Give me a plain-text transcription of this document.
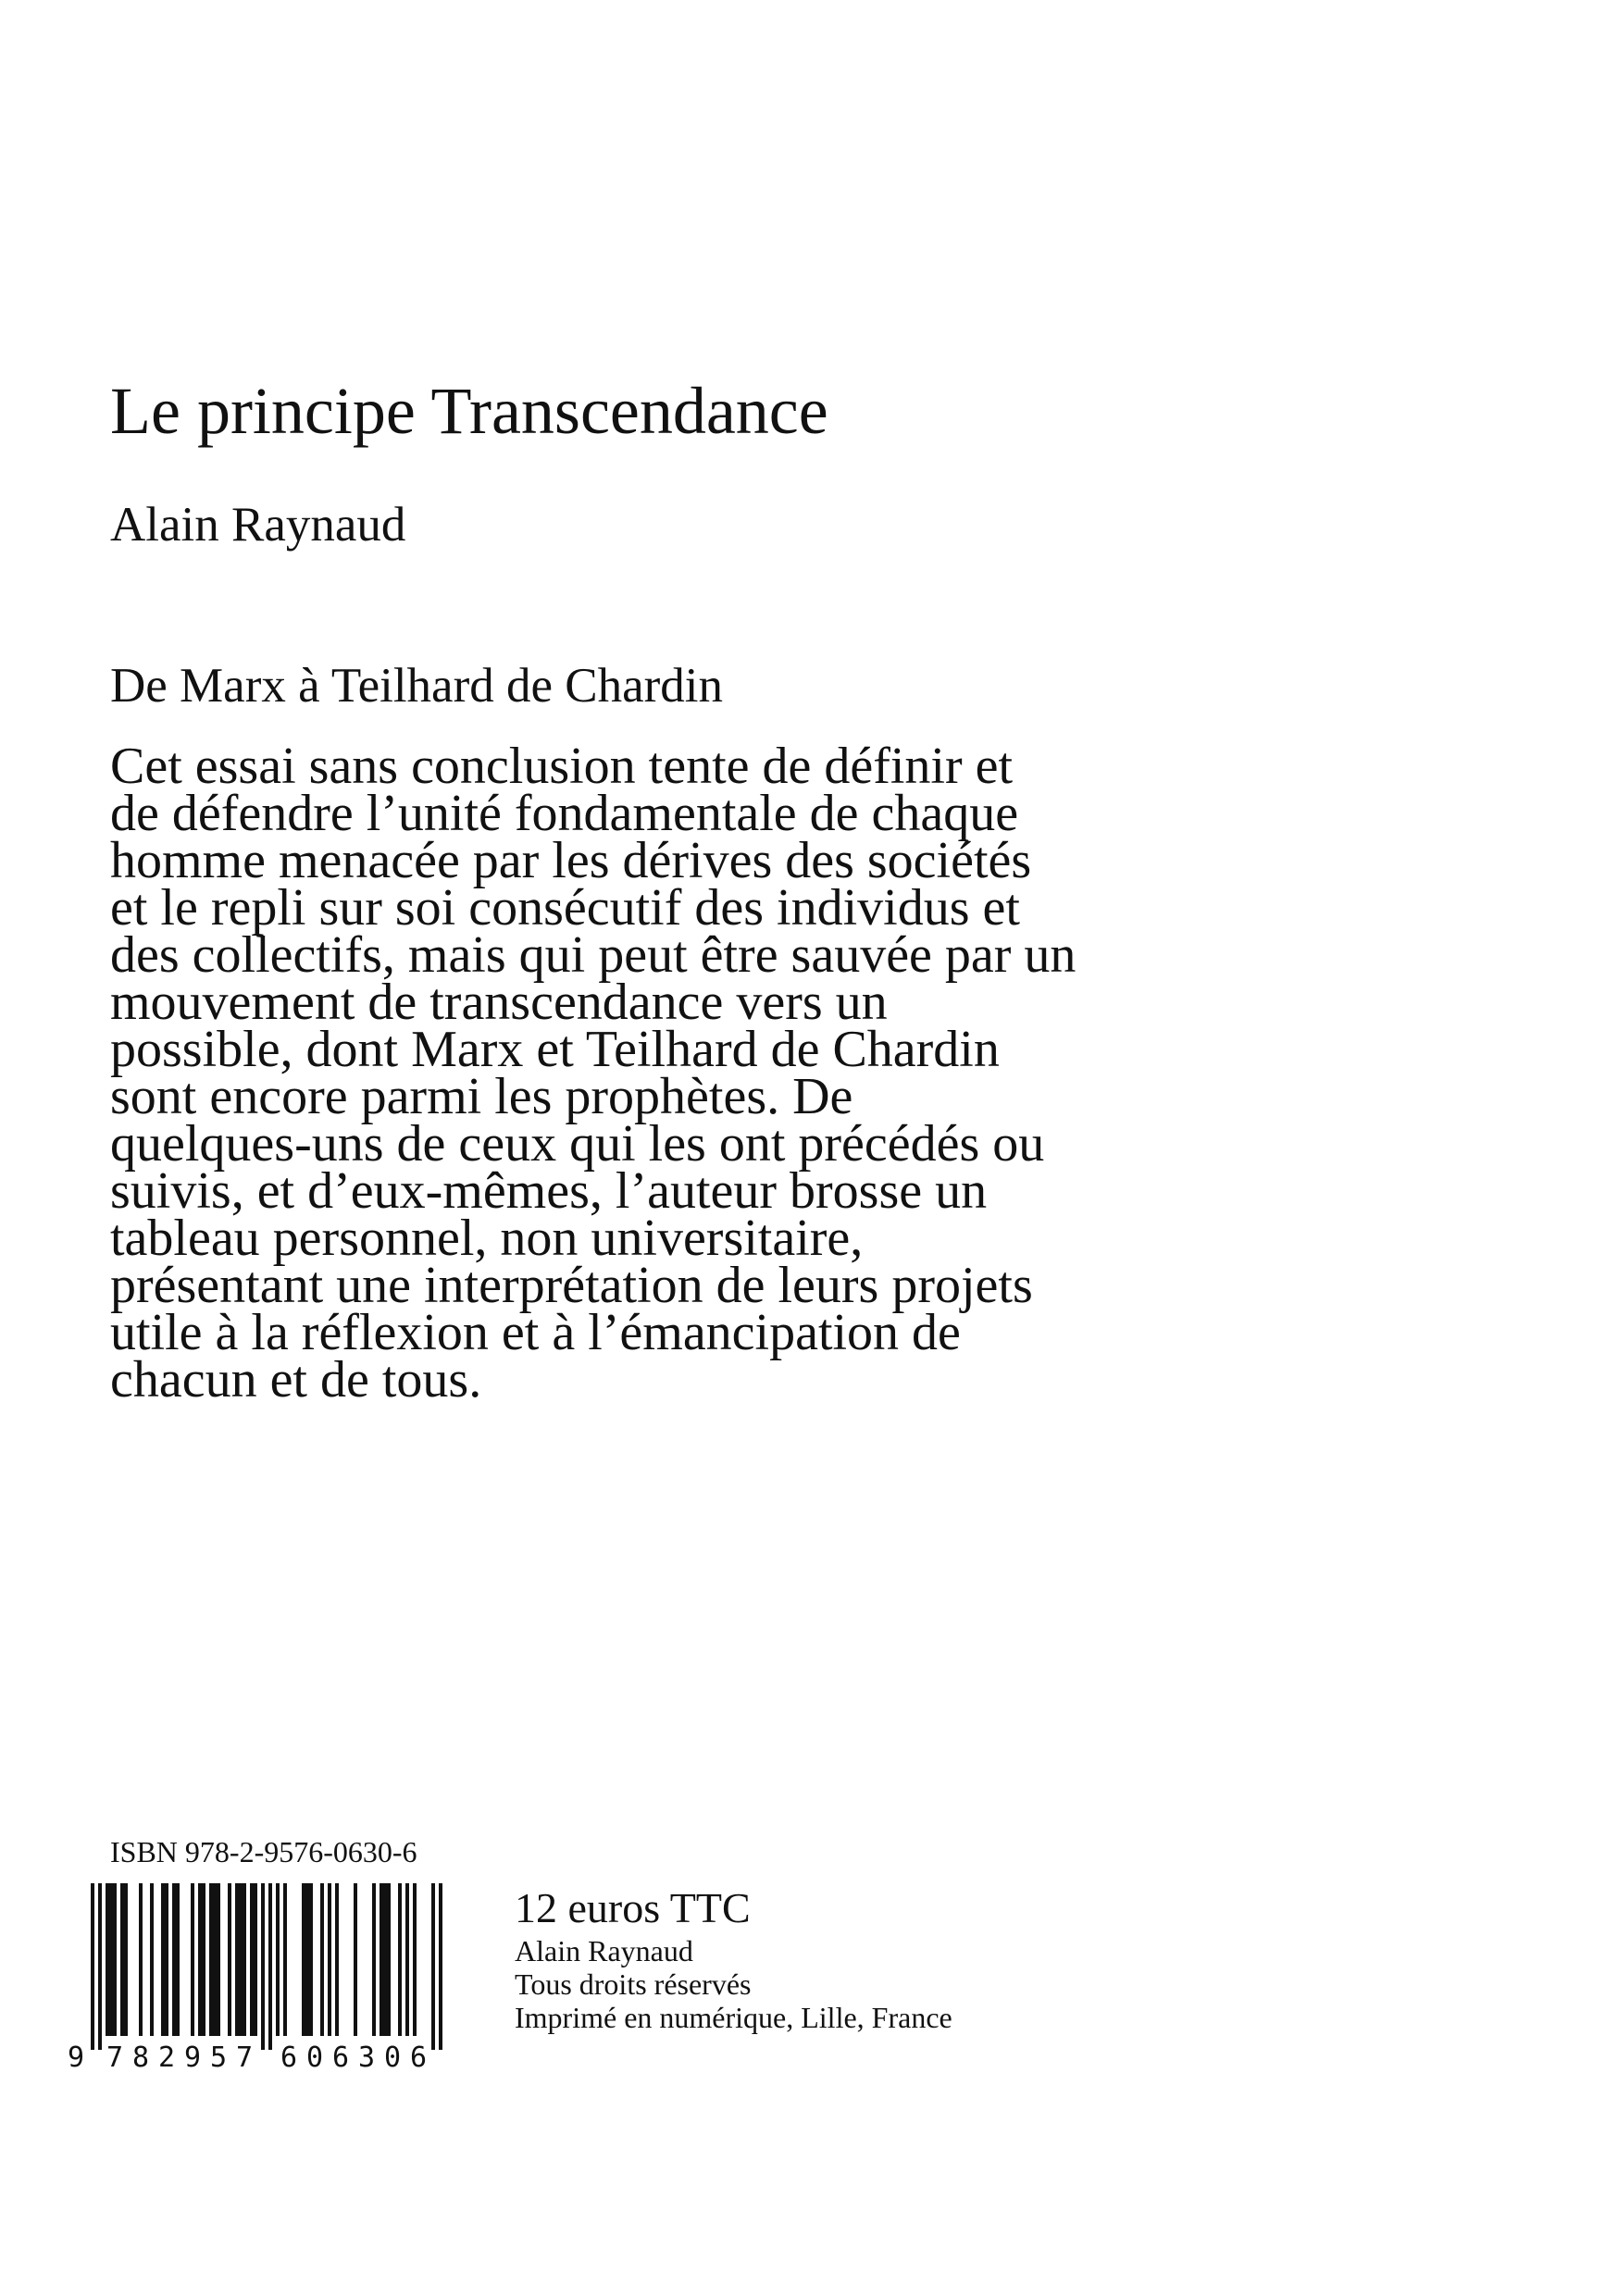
Le principe Transcendance
Alain Raynaud
De Marx à Teilhard de Chardin
Cet essai sans conclusion tente de définir et
de défendre l’unité fondamentale de chaque
homme menacée par les dérives des sociétés
et le repli sur soi consécutif des individus et
des collectifs, mais qui peut être sauvée par un
mouvement de transcendance vers un
possible, dont Marx et Teilhard de Chardin
sont encore parmi les prophètes. De
quelques-uns de ceux qui les ont précédés ou
suivis, et d’eux-mêmes, l’auteur brosse un
tableau personnel, non universitaire,
présentant une interprétation de leurs projets
utile à la réflexion et à l’émancipation de
chacun et de tous.
ISBN 978-2-9576-0630-6
9 7 8 2 9 5 7 6 0 6 3 0 6
12 euros TTC
Alain Raynaud
Tous droits réservés
Imprimé en numérique, Lille, France
